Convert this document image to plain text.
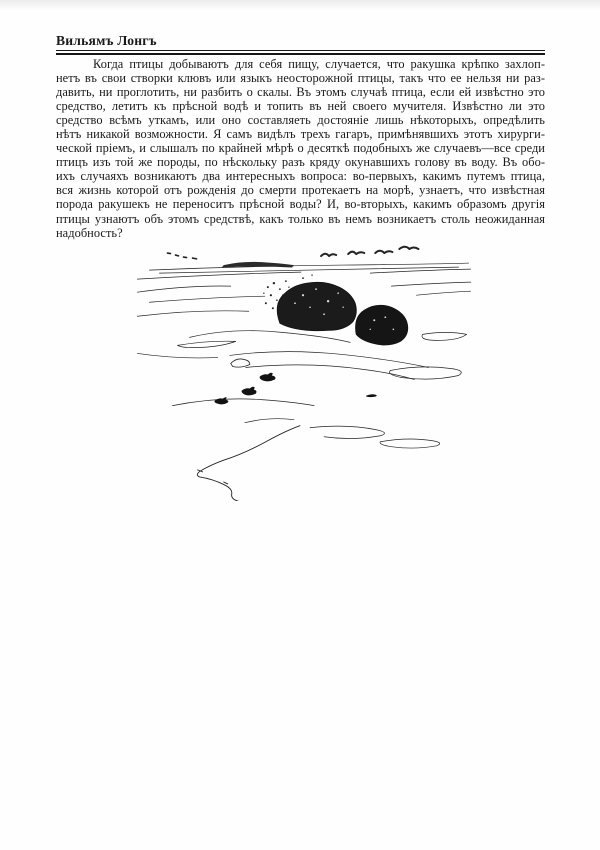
Вильямъ Лонгъ
Когда птицы добываютъ для себя пищу, случается, что ракушка крѣпко захлоп-
нетъ въ свои створки клювъ или языкъ неосторожной птицы, такъ что ее нельзя ни раз-
давить, ни проглотить, ни разбить о скалы. Въ этомъ случаѣ птица, если ей извѣстно это
средство, летитъ къ прѣсной водѣ и топить въ ней своего мучителя. Извѣстно ли это
средство всѣмъ уткамъ, или оно составляеть достояніе лишь нѣкоторыхъ, опредѣлить
нѣтъ никакой возможности. Я самъ видѣлъ трехъ гагаръ, примѣнявшихъ этотъ хирурги-
ческой пріемъ, и слышалъ по крайней мѣрѣ о десяткѣ подобныхъ же случаевъ—все среди
птицъ изъ той же породы, по нѣскольку разъ кряду окунавшихъ голову въ воду. Въ обо-
ихъ случаяхъ возникаютъ два интересныхъ вопроса: во-первыхъ, какимъ путемъ птица,
вся жизнь которой отъ рожденія до смерти протекаетъ на морѣ, узнаетъ, что извѣстная
порода ракушекъ не переноситъ прѣсной воды? И, во-вторыхъ, какимъ образомъ другія
птицы узнаютъ объ этомъ средствѣ, какъ только въ немъ возникаетъ столь неожиданная
надобность?
